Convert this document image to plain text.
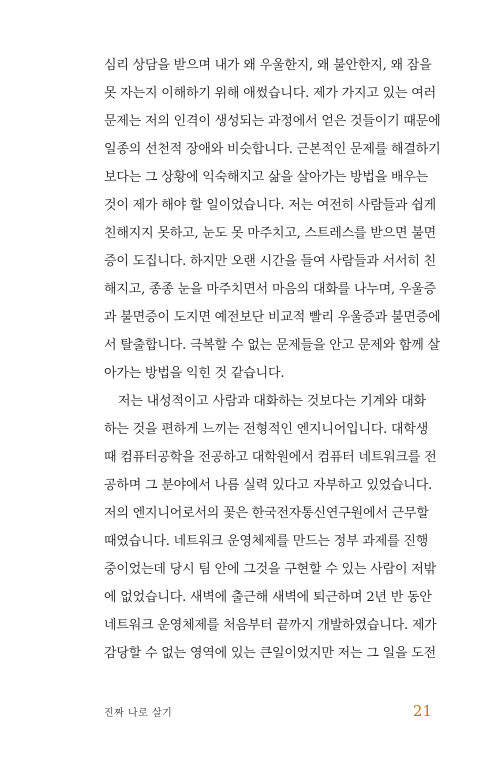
심리 상담을 받으며 내가 왜 우울한지, 왜 불안한지, 왜 잠을
못 자는지 이해하기 위해 애썼습니다. 제가 가지고 있는 여러
문제는 저의 인격이 생성되는 과정에서 얻은 것들이기 때문에
일종의 선천적 장애와 비슷합니다. 근본적인 문제를 해결하기
보다는 그 상황에 익숙해지고 삶을 살아가는 방법을 배우는
것이 제가 해야 할 일이었습니다. 저는 여전히 사람들과 쉽게
친해지지 못하고, 눈도 못 마주치고, 스트레스를 받으면 불면
증이 도집니다. 하지만 오랜 시간을 들여 사람들과 서서히 친
해지고, 종종 눈을 마주치면서 마음의 대화를 나누며, 우울증
과 불면증이 도지면 예전보단 비교적 빨리 우울증과 불면증에
서 탈출합니다. 극복할 수 없는 문제들을 안고 문제와 함께 살
아가는 방법을 익힌 것 같습니다.
저는 내성적이고 사람과 대화하는 것보다는 기계와 대화
하는 것을 편하게 느끼는 전형적인 엔지니어입니다. 대학생
때 컴퓨터공학을 전공하고 대학원에서 컴퓨터 네트워크를 전
공하며 그 분야에서 나름 실력 있다고 자부하고 있었습니다.
저의 엔지니어로서의 꽃은 한국전자통신연구원에서 근무할
때였습니다. 네트워크 운영체제를 만드는 정부 과제를 진행
중이었는데 당시 팀 안에 그것을 구현할 수 있는 사람이 저밖
에 없었습니다. 새벽에 출근해 새벽에 퇴근하며 2년 반 동안
네트워크 운영체제를 처음부터 끝까지 개발하였습니다. 제가
감당할 수 없는 영역에 있는 큰일이었지만 저는 그 일을 도전
진짜 나로 살기	21
